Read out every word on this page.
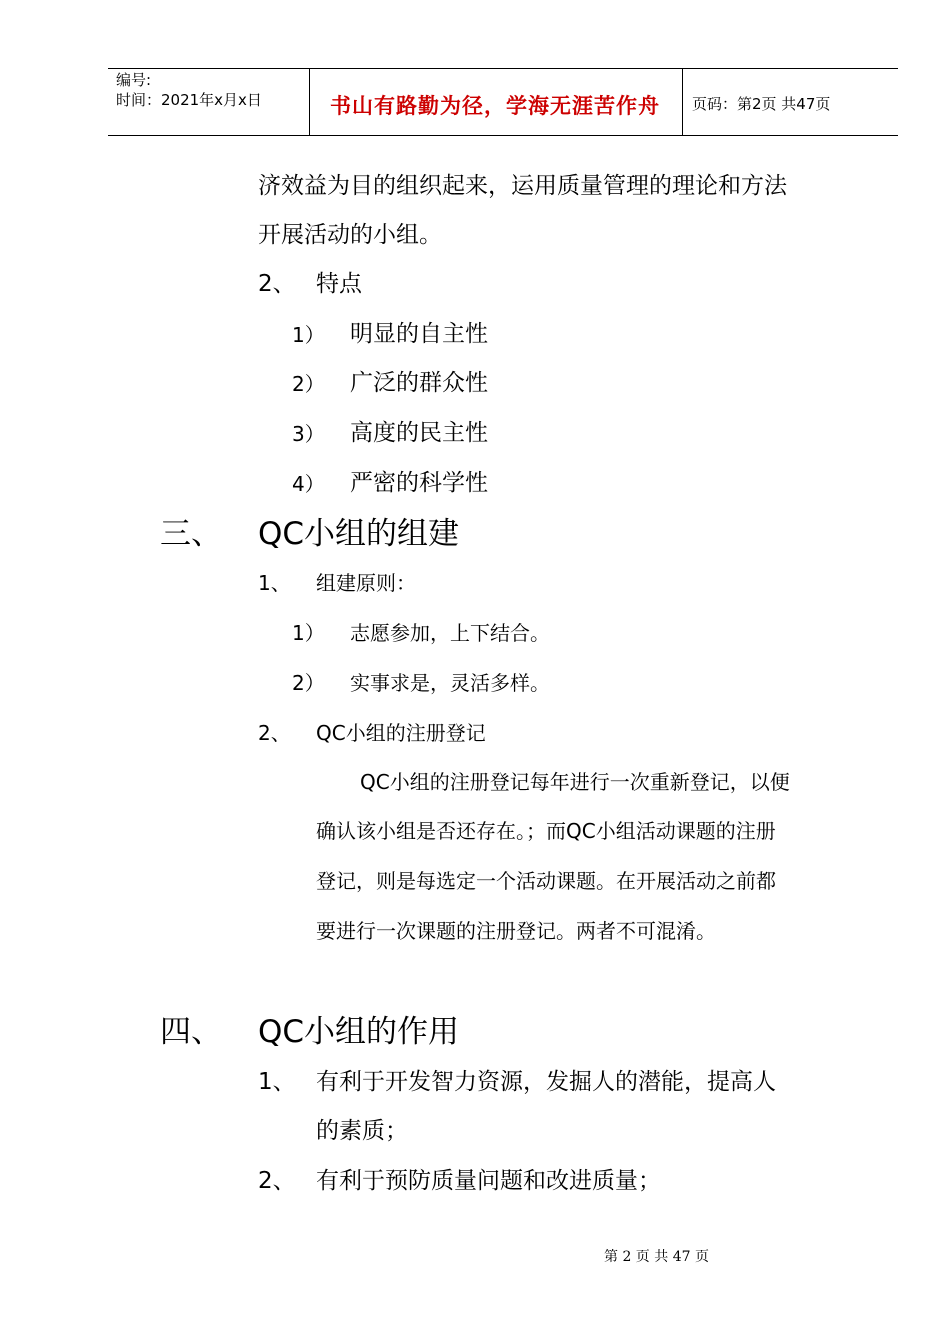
编号:
时间：2021年x月x日	书山有路勤为径，学海无涯苦作舟 页码：第2页 共47页
济效益为目的组织起来，运用质量管理的理论和方法
开展活动的小组。
2、 特点
1） 明显的自主性
2） 广泛的群众性
3） 高度的民主性
4） 严密的科学性
三、 QC小组的组建
1、 组建原则：
1） 志愿参加，上下结合。
2） 实事求是，灵活多样。
2、 QC小组的注册登记
QC小组的注册登记每年进行一次重新登记，以便
确认该小组是否还存在。；而QC小组活动课题的注册
登记，则是每选定一个活动课题。在开展活动之前都
要进行一次课题的注册登记。两者不可混淆。
四、 QC小组的作用
1、 有利于开发智力资源，发掘人的潜能，提高人
的素质；
2、 有利于预防质量问题和改进质量；
第 2 页 共 47 页
